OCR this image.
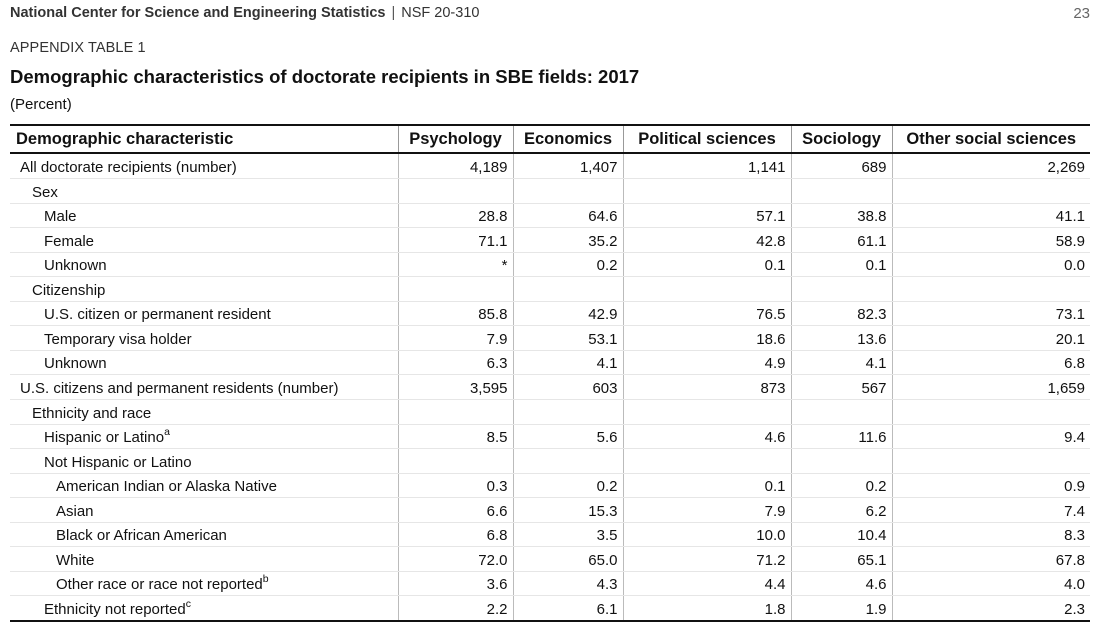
National Center for Science and Engineering Statistics | NSF 20-310	23
APPENDIX TABLE 1
Demographic characteristics of doctorate recipients in SBE fields: 2017
(Percent)
Demographic characteristic	Psychology	Economics	Political sciences	Sociology	Other social sciences
All doctorate recipients (number)	4,189	1,407	1,141	689	2,269
Sex					
Male	28.8	64.6	57.1	38.8	41.1
Female	71.1	35.2	42.8	61.1	58.9
Unknown	*	0.2	0.1	0.1	0.0
Citizenship					
U.S. citizen or permanent resident	85.8	42.9	76.5	82.3	73.1
Temporary visa holder	7.9	53.1	18.6	13.6	20.1
Unknown	6.3	4.1	4.9	4.1	6.8
U.S. citizens and permanent residents (number)	3,595	603	873	567	1,659
Ethnicity and race					
Hispanic or Latino$^a$	8.5	5.6	4.6	11.6	9.4
Not Hispanic or Latino					
American Indian or Alaska Native	0.3	0.2	0.1	0.2	0.9
Asian	6.6	15.3	7.9	6.2	7.4
Black or African American	6.8	3.5	10.0	10.4	8.3
White	72.0	65.0	71.2	65.1	67.8
Other race or race not reported$^b$	3.6	4.3	4.4	4.6	4.0
Ethnicity not reported$^c$	2.2	6.1	1.8	1.9	2.3
